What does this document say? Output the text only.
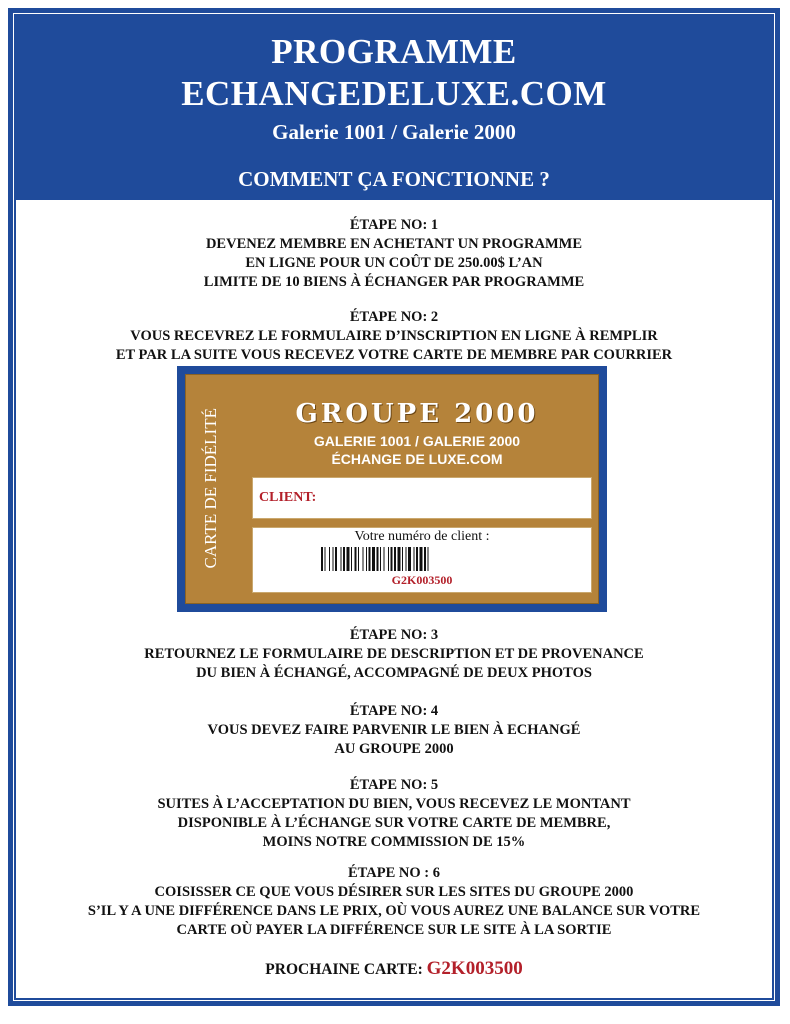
PROGRAMME
ECHANGEDELUXE.COM
Galerie 1001 / Galerie 2000
COMMENT ÇA FONCTIONNE ?
ÉTAPE NO: 1
DEVENEZ MEMBRE EN ACHETANT UN PROGRAMME
EN LIGNE POUR UN COÛT DE 250.00$ L’AN
LIMITE DE 10 BIENS À ÉCHANGER PAR PROGRAMME
ÉTAPE NO: 2
VOUS RECEVREZ LE FORMULAIRE D’INSCRIPTION EN LIGNE À REMPLIR
ET PAR LA SUITE VOUS RECEVEZ VOTRE CARTE DE MEMBRE PAR COURRIER
CARTE DE FIDÉLITÉ	GROUPE 2000
GALERIE 1001 / GALERIE 2000
ÉCHANGE DE LUXE.COM
CLIENT:
Votre numéro de client :
G2K003500
ÉTAPE NO: 3
RETOURNEZ LE FORMULAIRE DE DESCRIPTION ET DE PROVENANCE
DU BIEN À ÉCHANGÉ, ACCOMPAGNÉ DE DEUX PHOTOS
ÉTAPE NO: 4
VOUS DEVEZ FAIRE PARVENIR LE BIEN À ECHANGÉ
AU GROUPE 2000
ÉTAPE NO: 5
SUITES À L’ACCEPTATION DU BIEN, VOUS RECEVEZ LE MONTANT
DISPONIBLE À L’ÉCHANGE SUR VOTRE CARTE DE MEMBRE,
MOINS NOTRE COMMISSION DE 15%
ÉTAPE NO : 6
COISISSER CE QUE VOUS DÉSIRER SUR LES SITES DU GROUPE 2000
S’IL Y A UNE DIFFÉRENCE DANS LE PRIX, OÙ VOUS AUREZ UNE BALANCE SUR VOTRE
CARTE OÙ PAYER LA DIFFÉRENCE SUR LE SITE À LA SORTIE
PROCHAINE CARTE: G2K003500
